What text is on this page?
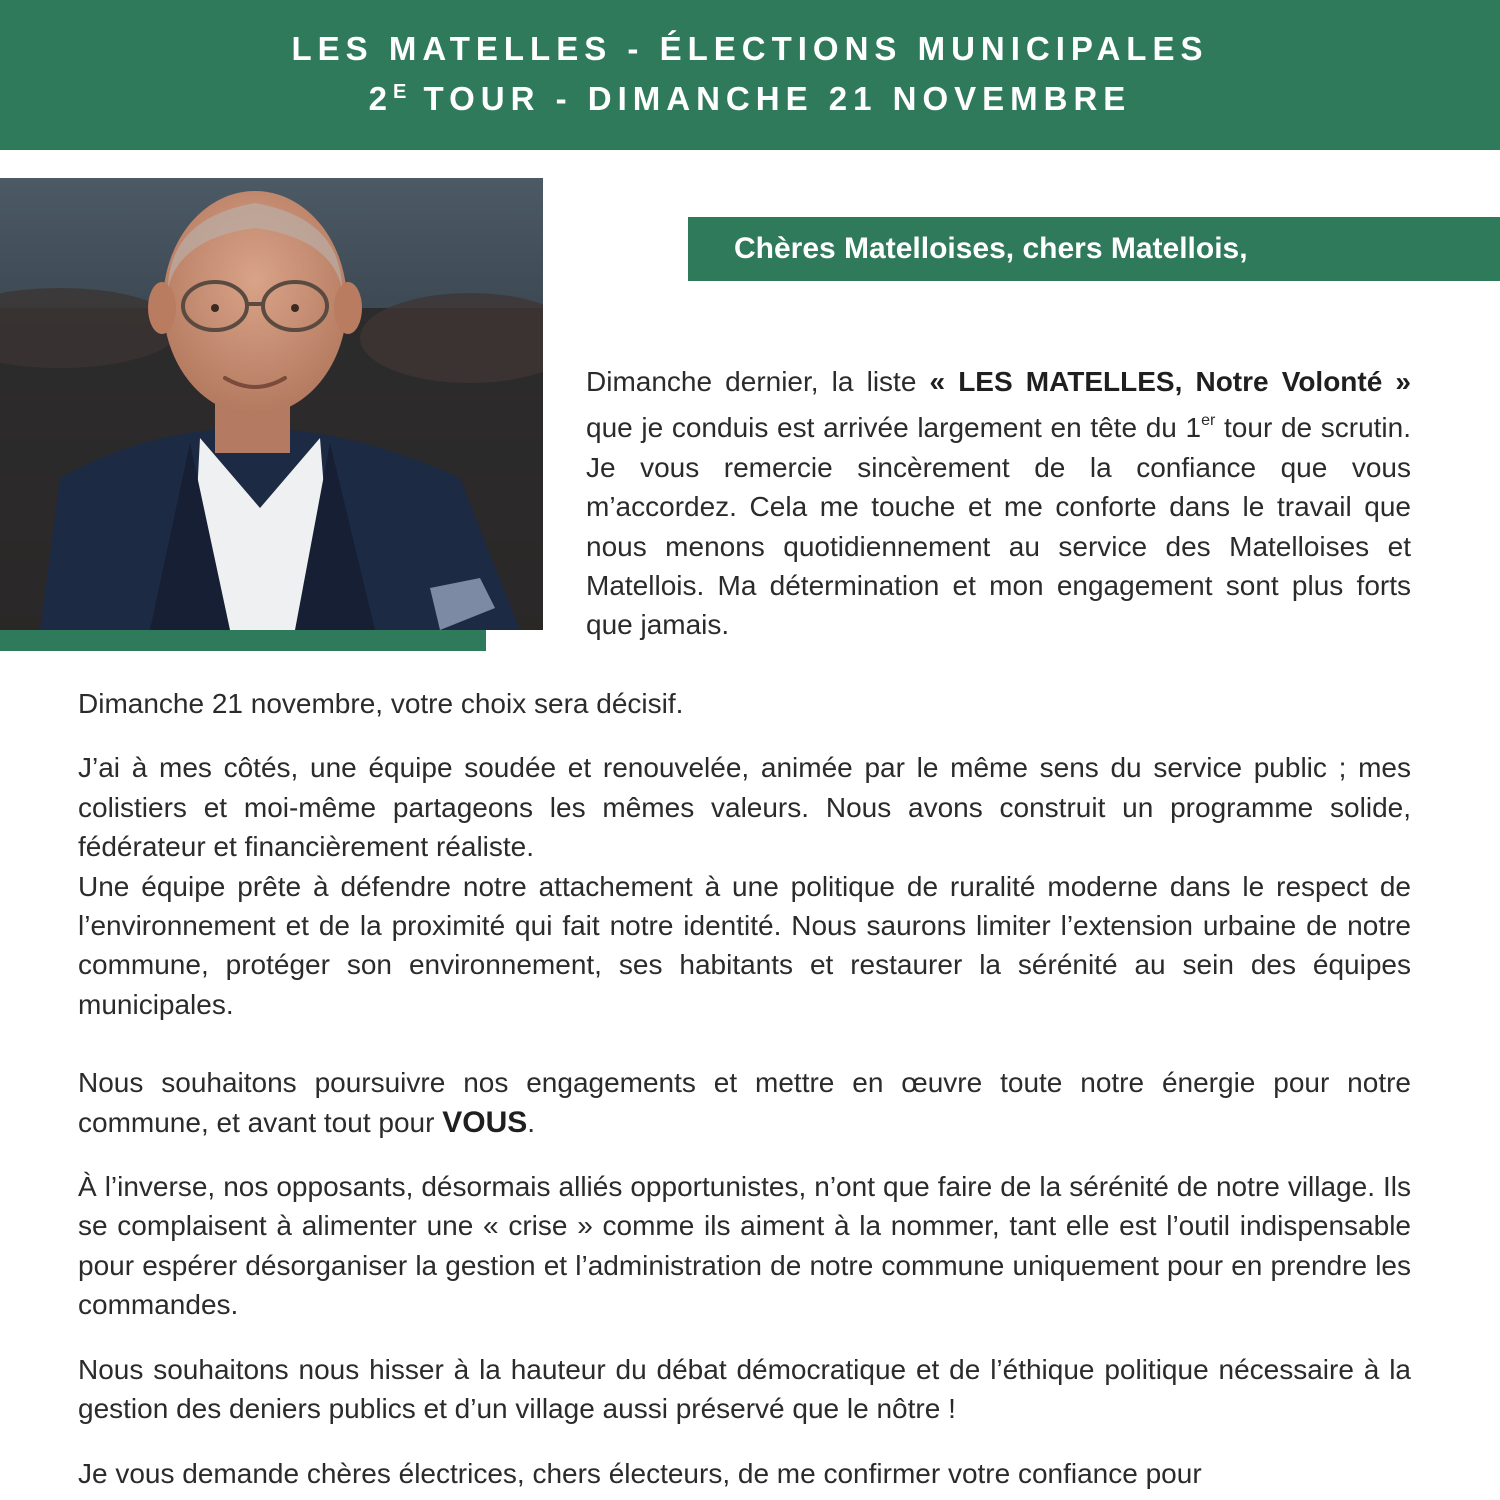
LES MATELLES - ÉLECTIONS MUNICIPALES
$2^E$ TOUR - DIMANCHE 21 NOVEMBRE
Chères Matelloises, chers Matellois,
Dimanche dernier, la liste « LES MATELLES, Notre Volonté » que je conduis est arrivée largement en tête du 1er tour de scrutin. Je vous remercie sincèrement de la confiance que vous m’accordez. Cela me touche et me conforte dans le travail que nous menons quotidiennement au service des Matelloises et Matellois. Ma détermination et mon engagement sont plus forts que jamais.

Dimanche 21 novembre, votre choix sera décisif.

J’ai à mes côtés, une équipe soudée et renouvelée, animée par le même sens du service public ; mes colistiers et moi-même partageons les mêmes valeurs. Nous avons construit un programme solide, fédérateur et financièrement réaliste.

Une équipe prête à défendre notre attachement à une politique de ruralité moderne dans le respect de l’environnement et de la proximité qui fait notre identité. Nous saurons limiter l’extension urbaine de notre commune, protéger son environnement, ses habitants et restaurer la sérénité au sein des équipes municipales.

Nous souhaitons poursuivre nos engagements et mettre en œuvre toute notre énergie pour notre commune, et avant tout pour VOUS.

À l’inverse, nos opposants, désormais alliés opportunistes, n’ont que faire de la sérénité de notre village. Ils se complaisent à alimenter une « crise » comme ils aiment à la nommer, tant elle est l’outil indispensable pour espérer désorganiser la gestion et l’administration de notre commune uniquement pour en prendre les commandes.

Nous souhaitons nous hisser à la hauteur du débat démocratique et de l’éthique politique nécessaire à la gestion des deniers publics et d’un village aussi préservé que le nôtre !

Je vous demande chères électrices, chers électeurs, de me confirmer votre confiance pour
